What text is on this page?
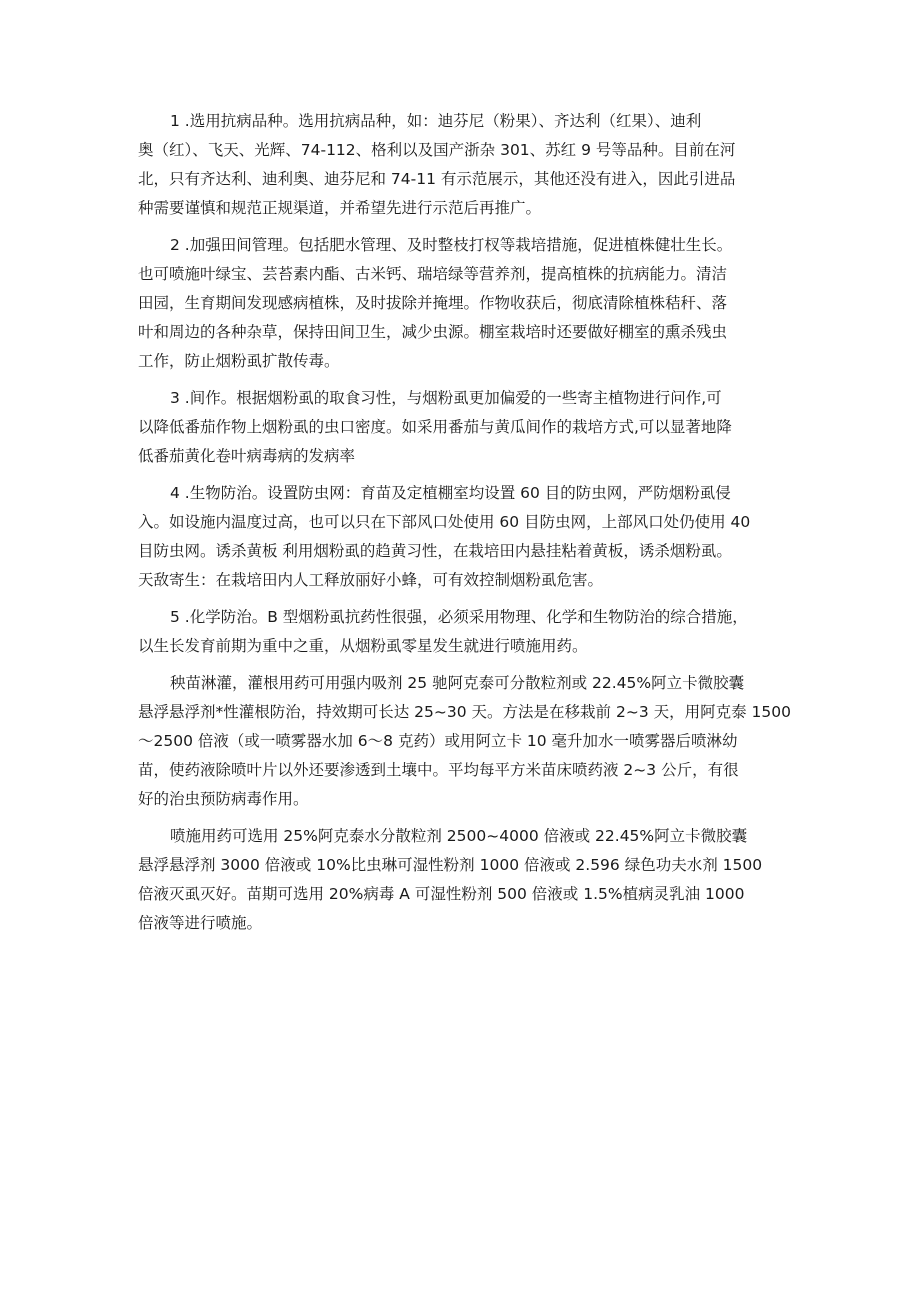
1 .选用抗病品种。选用抗病品种，如：迪芬尼（粉果）、齐达利（红果）、迪利
奥（红）、飞天、光辉、74-112、格利以及国产浙杂 301、苏红 9 号等品种。目前在河
北，只有齐达利、迪利奥、迪芬尼和 74-11 有示范展示，其他还没有进入，因此引进品
种需要谨慎和规范正规渠道，并希望先进行示范后再推广。

2 .加强田间管理。包括肥水管理、及时整枝打杈等栽培措施，促进植株健壮生长。
也可喷施叶绿宝、芸苔素内酯、古米钙、瑞培绿等营养剂，提高植株的抗病能力。清洁
田园，生育期间发现感病植株，及时拔除并掩埋。作物收获后，彻底清除植株秸秆、落
叶和周边的各种杂草，保持田间卫生，减少虫源。棚室栽培时还要做好棚室的熏杀残虫
工作，防止烟粉虱扩散传毒。

3 .间作。根据烟粉虱的取食习性，与烟粉虱更加偏爱的一些寄主植物进行问作,可
以降低番茄作物上烟粉虱的虫口密度。如采用番茄与黄瓜间作的栽培方式,可以显著地降
低番茄黄化卷叶病毒病的发病率

4 .生物防治。设置防虫网：育苗及定植棚室均设置 60 目的防虫网，严防烟粉虱侵
入。如设施内温度过高，也可以只在下部风口处使用 60 目防虫网，上部风口处仍使用 40
目防虫网。诱杀黄板 利用烟粉虱的趋黄习性，在栽培田内悬挂粘着黄板，诱杀烟粉虱。
天敌寄生：在栽培田内人工释放丽好小蜂，可有效控制烟粉虱危害。

5 .化学防治。B 型烟粉虱抗药性很强，必须采用物理、化学和生物防治的综合措施，
以生长发育前期为重中之重，从烟粉虱零星发生就进行喷施用药。

秧苗淋灌，灌根用药可用强内吸剂 25 驰阿克泰可分散粒剂或 22.45%阿立卡微胶囊
悬浮悬浮剂*性灌根防治，持效期可长达 25~30 天。方法是在移栽前 2~3 天，用阿克泰 1500
～2500 倍液（或一喷雾器水加 6～8 克药）或用阿立卡 10 毫升加水一喷雾器后喷淋幼
苗，使药液除喷叶片以外还要渗透到土壤中。平均每平方米苗床喷药液 2~3 公斤，有很
好的治虫预防病毒作用。

喷施用药可选用 25%阿克泰水分散粒剂 2500~4000 倍液或 22.45%阿立卡微胶囊
悬浮悬浮剂 3000 倍液或 10%比虫琳可湿性粉剂 1000 倍液或 2.596 绿色功夫水剂 1500
倍液灭虱灭好。苗期可选用 20%病毒 A 可湿性粉剂 500 倍液或 1.5%植病灵乳油 1000
倍液等进行喷施。
